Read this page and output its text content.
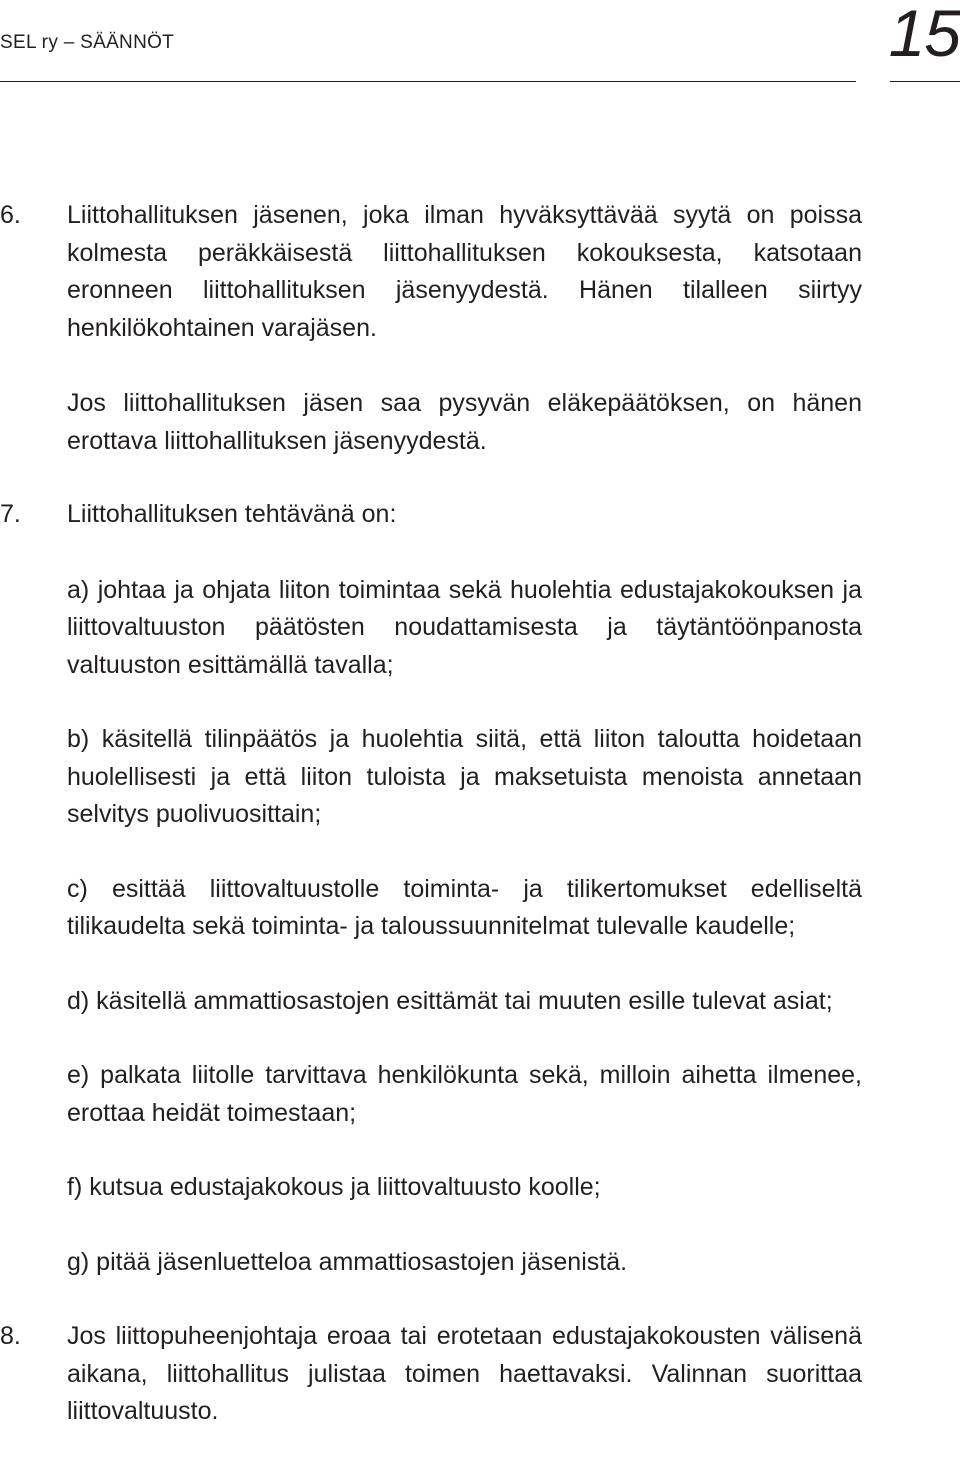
SEL ry – SÄÄNNÖT	15
6. Liittohallituksen jäsenen, joka ilman hyväksyttävää syytä on poissa kolmesta peräkkäisestä liittohallituksen kokouksesta, katsotaan eronneen liittohallituksen jäsenyydestä. Hänen tilalleen siirtyy henkilökohtainen varajäsen.

Jos liittohallituksen jäsen saa pysyvän eläkepäätöksen, on hänen erottava liittohallituksen jäsenyydestä.

7. Liittohallituksen tehtävänä on:

a) johtaa ja ohjata liiton toimintaa sekä huolehtia edustajakokouksen ja liittovaltuuston päätösten noudattamisesta ja täytäntöönpanosta valtuuston esittämällä tavalla;

b) käsitellä tilinpäätös ja huolehtia siitä, että liiton taloutta hoidetaan huolellisesti ja että liiton tuloista ja maksetuista menoista annetaan selvitys puolivuosittain;

c) esittää liittovaltuustolle toiminta- ja tilikertomukset edelliseltä tilikaudelta sekä toiminta- ja taloussuunnitelmat tulevalle kaudelle;

d) käsitellä ammattiosastojen esittämät tai muuten esille tulevat asiat;

e) palkata liitolle tarvittava henkilökunta sekä, milloin aihetta ilmenee, erottaa heidät toimestaan;

f) kutsua edustajakokous ja liittovaltuusto koolle;

g) pitää jäsenluetteloa ammattiosastojen jäsenistä.

8. Jos liittopuheenjohtaja eroaa tai erotetaan edustajakokousten välisenä aikana, liittohallitus julistaa toimen haettavaksi. Valinnan suorittaa liittovaltuusto.
